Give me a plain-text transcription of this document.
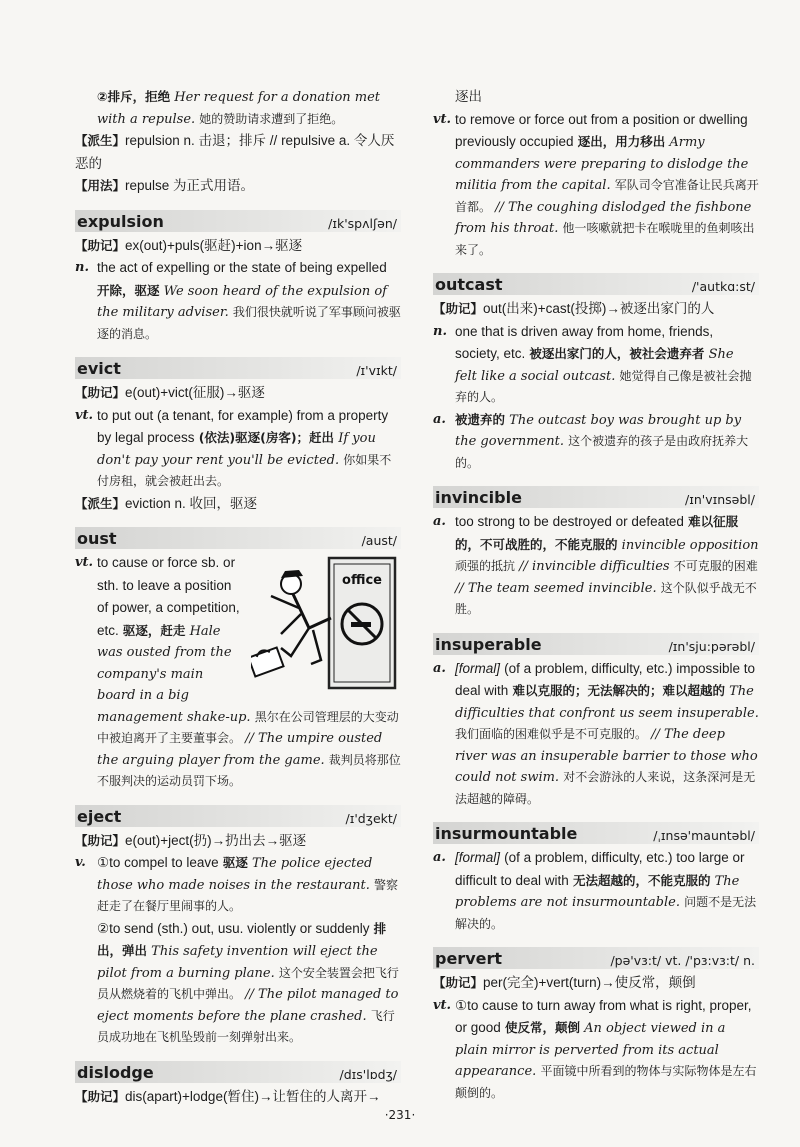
②排斥，拒绝 Her request for a donation met with a repulse. 她的赞助请求遭到了拒绝。
【派生】repulsion n. 击退；排斥 // repulsive a. 令人厌恶的
【用法】repulse 为正式用语。
expulsion	/ɪk'spʌlʃən/
【助记】ex(out)+puls(驱赶)+ion→驱逐
n. the act of expelling or the state of being expelled 开除，驱逐 We soon heard of the expulsion of the military adviser. 我们很快就听说了军事顾问被驱逐的消息。
evict	/ɪ'vɪkt/
【助记】e(out)+vict(征服)→驱逐
vt. to put out (a tenant, for example) from a property by legal process (依法)驱逐(房客)；赶出 If you don't pay your rent you'll be evicted. 你如果不付房租，就会被赶出去。
【派生】eviction n. 收回，驱逐
oust	/aust/
vt.
office
to cause or force sb. or sth. to leave a position of power, a competition, etc. 驱逐，赶走 Hale was ousted from the company's main board in a big management shake-up. 黑尔在公司管理层的大变动中被迫离开了主要董事会。 // The umpire ousted the arguing player from the game. 裁判员将那位不服判决的运动员罚下场。
eject	/ɪ'dʒekt/
【助记】e(out)+ject(扔)→扔出去→驱逐
v. ①to compel to leave 驱逐 The police ejected those who made noises in the restaurant. 警察赶走了在餐厅里闹事的人。
②to send (sth.) out, usu. violently or suddenly 排出，弹出 This safety invention will eject the pilot from a burning plane. 这个安全装置会把飞行员从燃烧着的飞机中弹出。 // The pilot managed to eject moments before the plane crashed. 飞行员成功地在飞机坠毁前一刻弹射出来。
dislodge	/dɪs'lɒdʒ/
【助记】dis(apart)+lodge(暂住)→让暂住的人离开→
逐出
vt. to remove or force out from a position or dwelling previously occupied 逐出，用力移出 Army commanders were preparing to dislodge the militia from the capital. 军队司令官准备让民兵离开首都。 // The coughing dislodged the fishbone from his throat. 他一咳嗽就把卡在喉咙里的鱼刺咳出来了。
outcast	/'autkɑ:st/
【助记】out(出来)+cast(投掷)→被逐出家门的人
n. one that is driven away from home, friends, society, etc. 被逐出家门的人，被社会遗弃者 She felt like a social outcast. 她觉得自己像是被社会抛弃的人。
a. 被遗弃的 The outcast boy was brought up by the government. 这个被遗弃的孩子是由政府抚养大的。
invincible	/ɪn'vɪnsəbl/
a. too strong to be destroyed or defeated 难以征服的，不可战胜的，不能克服的 invincible opposition 顽强的抵抗 // invincible difficulties 不可克服的困难 // The team seemed invincible. 这个队似乎战无不胜。
insuperable	/ɪn'sju:pərəbl/
a. [formal] (of a problem, difficulty, etc.) impossible to deal with 难以克服的；无法解决的；难以超越的 The difficulties that confront us seem insuperable. 我们面临的困难似乎是不可克服的。 // The deep river was an insuperable barrier to those who could not swim. 对不会游泳的人来说，这条深河是无法超越的障碍。
insurmountable	/ˌɪnsə'mauntəbl/
a. [formal] (of a problem, difficulty, etc.) too large or difficult to deal with 无法超越的，不能克服的 The problems are not insurmountable. 问题不是无法解决的。
pervert	/pə'vɜ:t/ vt. /'pɜ:vɜ:t/ n.
【助记】per(完全)+vert(turn)→使反常，颠倒
vt. ①to cause to turn away from what is right, proper, or good 使反常，颠倒 An object viewed in a plain mirror is perverted from its actual appearance. 平面镜中所看到的物体与实际物体是左右颠倒的。
·231·
